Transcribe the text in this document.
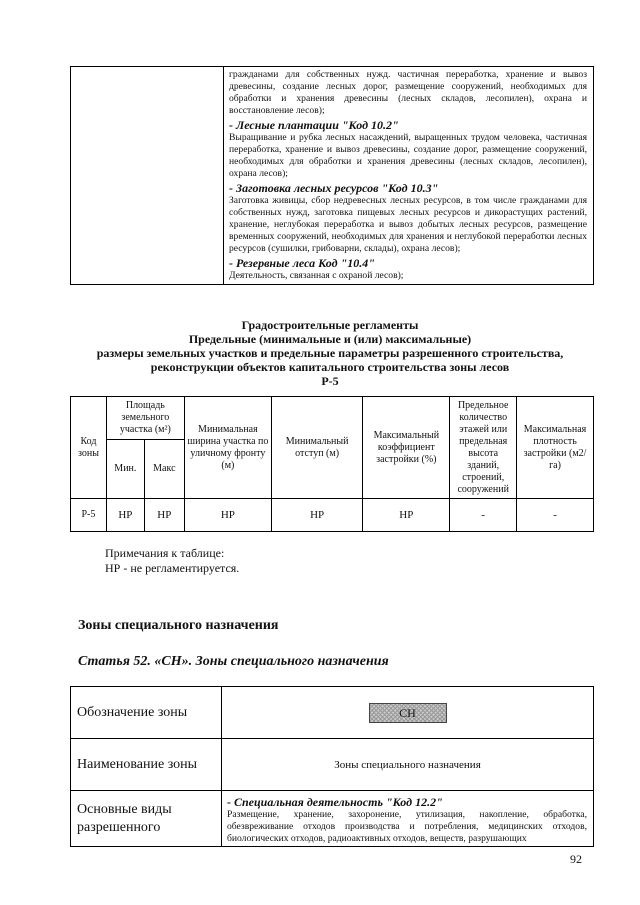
гражданами для собственных нужд. частичная переработка, хранение и вывоз древесины, создание лесных дорог, размещение сооружений, необходимых для обработки и хранения древесины (лесных складов, лесопилен), охрана и восстановление лесов);

- Лесные плантации "Код 10.2"

Выращивание и рубка лесных насаждений, выращенных трудом человека, частичная переработка, хранение и вывоз древесины, создание дорог, размещение сооружений, необходимых для обработки и хранения древесины (лесных складов, лесопилен), охрана лесов);

- Заготовка лесных ресурсов "Код 10.3"

Заготовка живицы, сбор недревесных лесных ресурсов, в том числе гражданами для собственных нужд, заготовка пищевых лесных ресурсов и дикорастущих растений, хранение, неглубокая переработка и вывоз добытых лесных ресурсов, размещение временных сооружений, необходимых для хранения и неглубокой переработки лесных ресурсов (сушилки, грибоварни, склады), охрана лесов);

- Резервные леса Код "10.4"

Деятельность, связанная с охраной лесов);

Градостроительные регламенты
Предельные (минимальные и (или) максимальные)
размеры земельных участков и предельные параметры разрешенного строительства,
реконструкции объектов капитального строительства зоны лесов
Р-5
Код зоны	Площадь земельного участка (м²)		Минимальная ширина участка по уличному фронту (м)	Минимальный отступ (м)	Максимальный коэффициент застройки (%)	Предельное количество этажей или предельная высота зданий, строений, сооружений	Максимальная плотность застройки (м2/га)
	Мин.	Макс					
Р-5	НР	НР	НР	НР	НР	-	-
Примечания к таблице:
НР - не регламентируется.
Зоны специального назначения
Статья 52. «СН». Зоны специального назначения
Обозначение зоны	СН
Наименование зоны	Зоны специального назначения
Основные виды разрешенного	- Специальная деятельность "Код 12.2"

Размещение, хранение, захоронение, утилизация, накопление, обработка, обезвреживание отходов производства и потребления, медицинских отходов, биологических отходов, радиоактивных отходов, веществ, разрушающих

92
